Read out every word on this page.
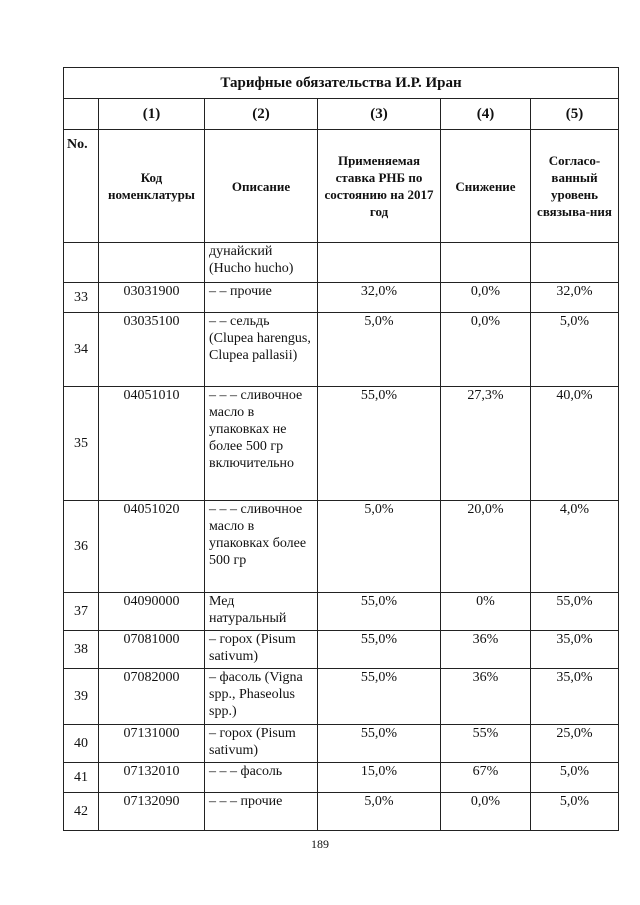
Тарифные обязательства И.Р. Иран					
	(1)	(2)	(3)	(4)	(5)
No.	Код номенклатуры	Описание	Применяемая ставка РНБ по состоянию на 2017 год	Снижение	Согласо-ванный уровень связыва-ния
		дунайский (Hucho hucho)			
33	03031900	– – прочие	32,0%	0,0%	32,0%
34	03035100	– – сельдь (Clupea harengus, Clupea pallasii)	5,0%	0,0%	5,0%
35	04051010	– – – сливочное масло в упаковках не более 500 гр включительно	55,0%	27,3%	40,0%
36	04051020	– – – сливочное масло в упаковках более 500 гр	5,0%	20,0%	4,0%
37	04090000	Мед натуральный	55,0%	0%	55,0%
38	07081000	– горох (Pisum sativum)	55,0%	36%	35,0%
39	07082000	– фасоль (Vigna spp., Phaseolus spp.)	55,0%	36%	35,0%
40	07131000	– горох (Pisum sativum)	55,0%	55%	25,0%
41	07132010	– – – фасоль	15,0%	67%	5,0%
42	07132090	– – – прочие	5,0%	0,0%	5,0%
189
